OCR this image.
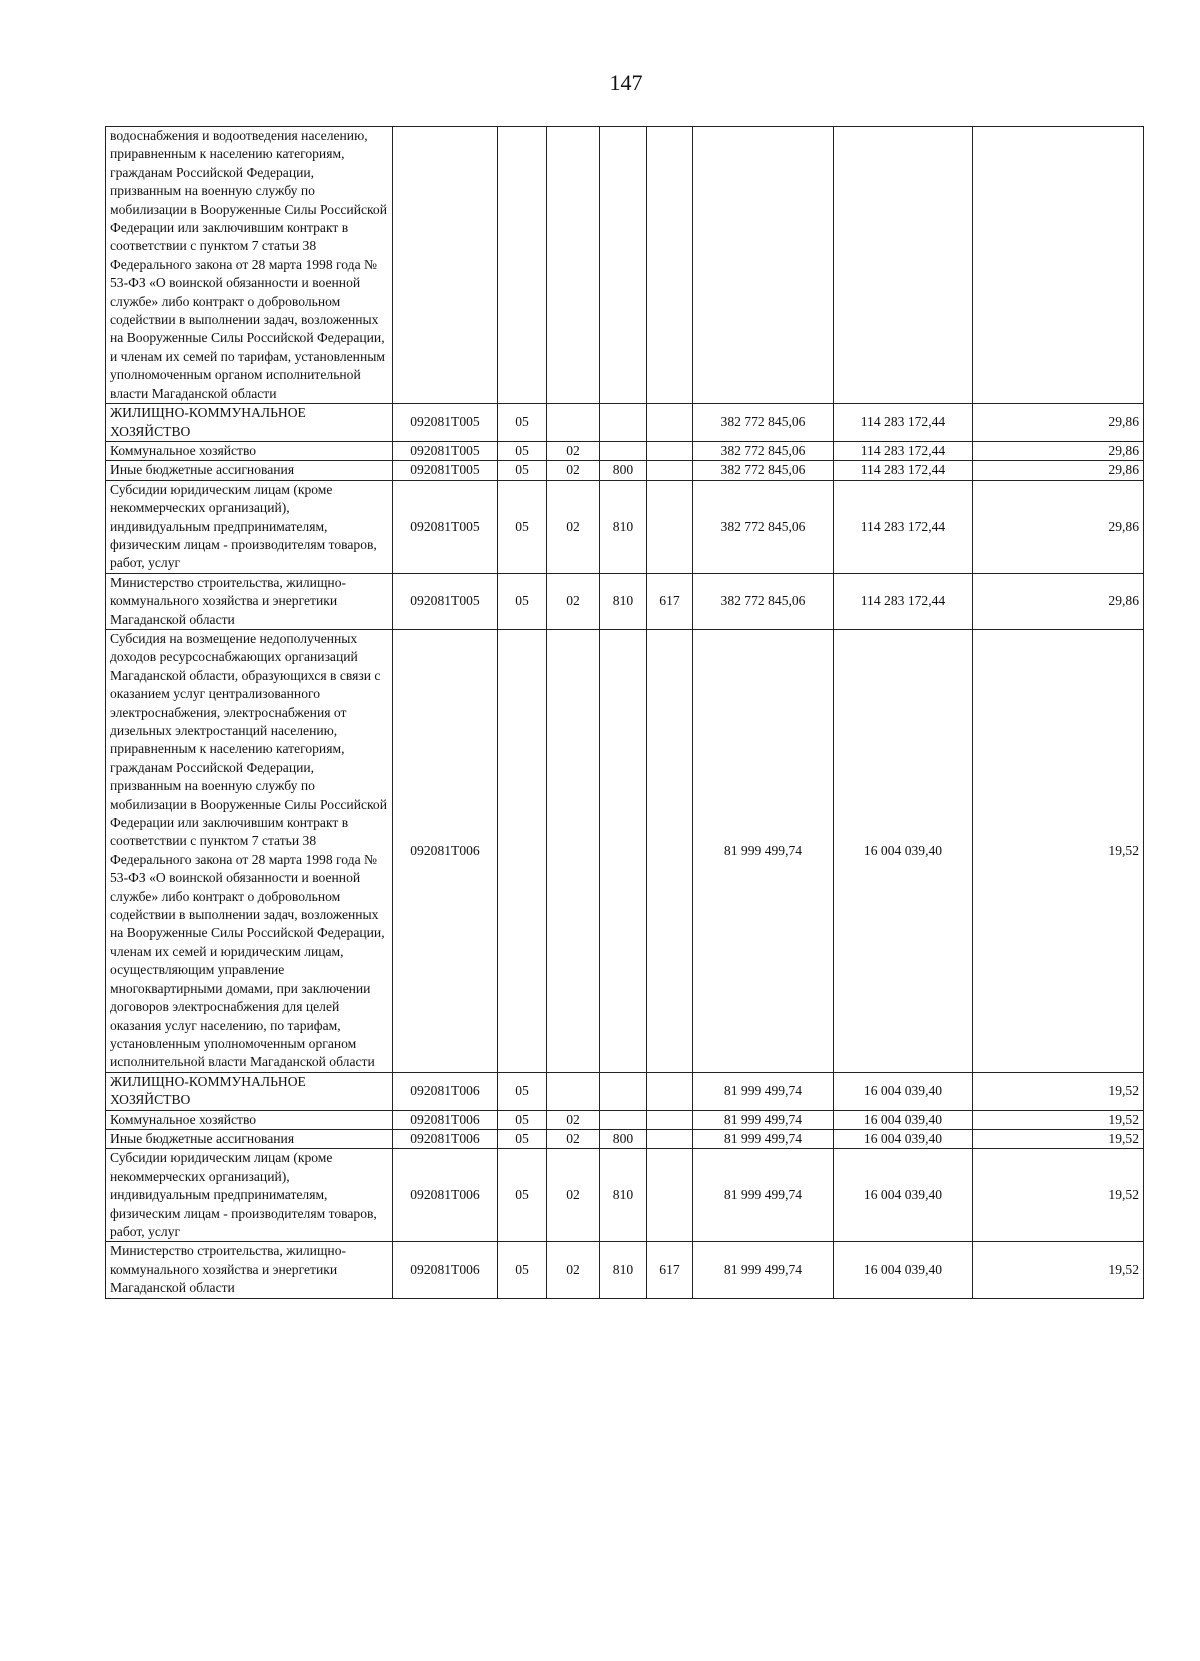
147
водоснабжения и водоотведения населению, приравненным к населению категориям, гражданам Российской Федерации, призванным на военную службу по мобилизации в Вооруженные Силы Российской Федерации или заключившим контракт в соответствии с пунктом 7 статьи 38 Федерального закона от 28 марта 1998 года № 53-ФЗ «О воинской обязанности и военной службе» либо контракт о добровольном содействии в выполнении задач, возложенных на Вооруженные Силы Российской Федерации, и членам их семей по тарифам, установленным уполномоченным органом исполнительной власти Магаданской области								
ЖИЛИЩНО-КОММУНАЛЬНОЕ ХОЗЯЙСТВО	092081Т005	05				382 772 845,06	114 283 172,44	29,86
Коммунальное хозяйство	092081Т005	05	02			382 772 845,06	114 283 172,44	29,86
Иные бюджетные ассигнования	092081Т005	05	02	800		382 772 845,06	114 283 172,44	29,86
Субсидии юридическим лицам (кроме некоммерческих организаций), индивидуальным предпринимателям, физическим лицам - производителям товаров, работ, услуг	092081Т005	05	02	810		382 772 845,06	114 283 172,44	29,86
Министерство строительства, жилищно-коммунального хозяйства и энергетики Магаданской области	092081Т005	05	02	810	617	382 772 845,06	114 283 172,44	29,86
Субсидия на возмещение недополученных доходов ресурсоснабжающих организаций Магаданской области, образующихся в связи с оказанием услуг централизованного электроснабжения, электроснабжения от дизельных электростанций населению, приравненным к населению категориям, гражданам Российской Федерации, призванным на военную службу по мобилизации в Вооруженные Силы Российской Федерации или заключившим контракт в соответствии с пунктом 7 статьи 38 Федерального закона от 28 марта 1998 года № 53-ФЗ «О воинской обязанности и военной службе» либо контракт о добровольном содействии в выполнении задач, возложенных на Вооруженные Силы Российской Федерации, членам их семей и юридическим лицам, осуществляющим управление многоквартирными домами, при заключении договоров электроснабжения для целей оказания услуг населению, по тарифам, установленным уполномоченным органом исполнительной власти Магаданской области	092081Т006					81 999 499,74	16 004 039,40	19,52
ЖИЛИЩНО-КОММУНАЛЬНОЕ ХОЗЯЙСТВО	092081Т006	05				81 999 499,74	16 004 039,40	19,52
Коммунальное хозяйство	092081Т006	05	02			81 999 499,74	16 004 039,40	19,52
Иные бюджетные ассигнования	092081Т006	05	02	800		81 999 499,74	16 004 039,40	19,52
Субсидии юридическим лицам (кроме некоммерческих организаций), индивидуальным предпринимателям, физическим лицам - производителям товаров, работ, услуг	092081Т006	05	02	810		81 999 499,74	16 004 039,40	19,52
Министерство строительства, жилищно-коммунального хозяйства и энергетики Магаданской области	092081Т006	05	02	810	617	81 999 499,74	16 004 039,40	19,52
